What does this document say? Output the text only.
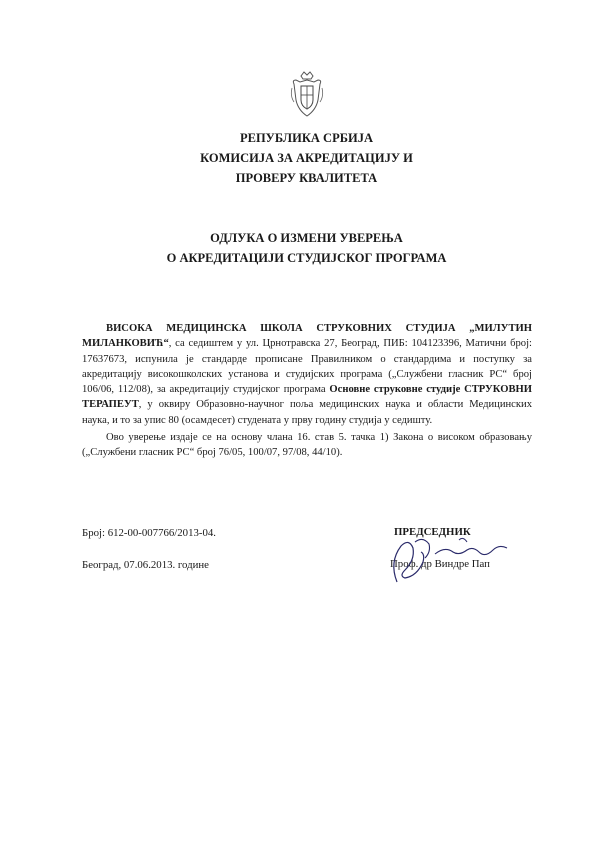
РЕПУБЛИКА СРБИЈА
КОМИСИЈА ЗА АКРЕДИТАЦИЈУ И
ПРОВЕРУ КВАЛИТЕТА
ОДЛУКА О ИЗМЕНИ УВЕРЕЊА
О АКРЕДИТАЦИЈИ СТУДИЈСКОГ ПРОГРАМА

ВИСОКА МЕДИЦИНСКА ШКОЛА СТРУКОВНИХ СТУДИЈА „МИЛУТИН МИЛАНКОВИЋ“, са седиштем у ул. Црнотравска 27, Београд, ПИБ: 104123396, Матични број: 17637673, испунила је стандарде прописане Правилником о стандардима и поступку за акредитацију високошколских установа и студијских програма („Службени гласник РС“ број 106/06, 112/08), за акредитацију студијског програма Основне струковне студије СТРУКОВНИ ТЕРАПЕУТ, у оквиру Образовно-научног поља медицинских наука и области Медицинских наука, и то за упис 80 (осамдесет) студената у прву годину студија у седишту.

Ово уверење издаје се на основу члана 16. став 5. тачка 1) Закона о високом образовању („Службени гласник РС“ број 76/05, 100/07, 97/08, 44/10).

Број: 612-00-007766/2013-04.
Београд, 07.06.2013. године
ПРЕДСЕДНИК
Проф. др Виндре Пап
